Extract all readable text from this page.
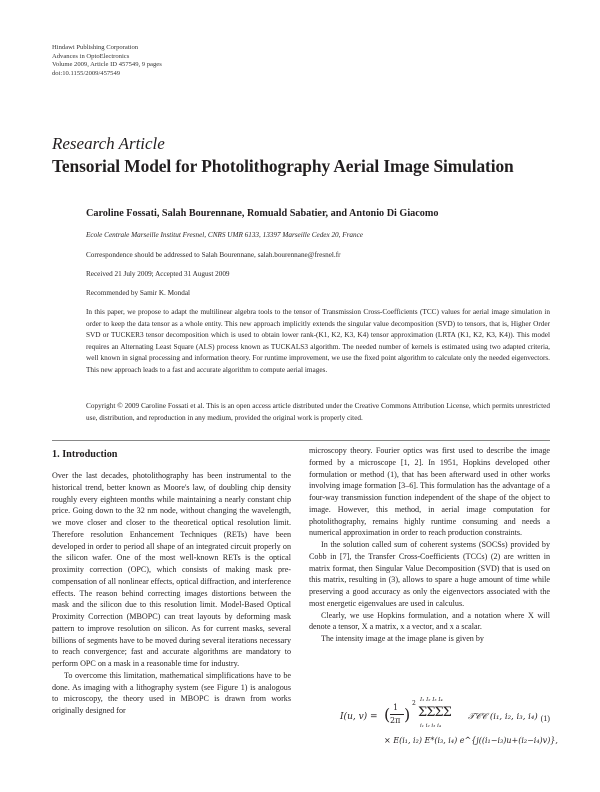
Hindawi Publishing Corporation
Advances in OptoElectronics
Volume 2009, Article ID 457549, 9 pages
doi:10.1155/2009/457549
Research Article
Tensorial Model for Photolithography Aerial Image Simulation
Caroline Fossati, Salah Bourennane, Romuald Sabatier, and Antonio Di Giacomo
Ecole Centrale Marseille Institut Fresnel, CNRS UMR 6133, 13397 Marseille Cedex 20, France
Correspondence should be addressed to Salah Bourennane, salah.bourennane@fresnel.fr
Received 21 July 2009; Accepted 31 August 2009
Recommended by Samir K. Mondal
In this paper, we propose to adapt the multilinear algebra tools to the tensor of Transmission Cross-Coefficients (TCC) values for aerial image simulation in order to keep the data tensor as a whole entity. This new approach implicitly extends the singular value decomposition (SVD) to tensors, that is, Higher Order SVD or TUCKER3 tensor decomposition which is used to obtain lower rank-(K1, K2, K3, K4) tensor approximation (LRTA (K1, K2, K3, K4)). This model requires an Alternating Least Square (ALS) process known as TUCKALS3 algorithm. The needed number of kernels is estimated using two adapted criteria, well known in signal processing and information theory. For runtime improvement, we use the fixed point algorithm to calculate only the needed eigenvectors. This new approach leads to a fast and accurate algorithm to compute aerial images.
Copyright © 2009 Caroline Fossati et al. This is an open access article distributed under the Creative Commons Attribution License, which permits unrestricted use, distribution, and reproduction in any medium, provided the original work is properly cited.
1. Introduction

Over the last decades, photolithography has been instrumental to the historical trend, better known as Moore's law, of doubling chip density roughly every eighteen months while maintaining a nearly constant chip price. Going down to the 32 nm node, without changing the wavelength, we move closer and closer to the theoretical optical resolution limit. Therefore resolution Enhancement Techniques (RETs) have been developed in order to period all shape of an integrated circuit properly on the silicon wafer. One of the most well-known RETs is the optical proximity correction (OPC), which consists of making mask pre-compensation of all nonlinear effects, optical diffraction, and interference effects. The reason behind correcting images distortions between the mask and the silicon due to this resolution limit. Model-Based Optical Proximity Correction (MBOPC) can treat layouts by deforming mask pattern to improve resolution on silicon. As for current masks, several billions of segments have to be moved during several iterations necessary to reach convergence; fast and accurate algorithms are mandatory to perform OPC on a mask in a reasonable time for industry.

To overcome this limitation, mathematical simplifications have to be done. As imaging with a lithography system (see Figure 1) is analogous to microscopy, the theory used in MBOPC is drawn from works originally designed for

microscopy theory. Fourier optics was first used to describe the image formed by a microscope [1, 2]. In 1951, Hopkins developed other formulation or method (1), that has been afterward used in other works involving image formation [3–6]. This formulation has the advantage of a four-way transmission function independent of the shape of the object to image. However, this method, in aerial image computation for photolithography, remains highly runtime consuming and needs a numerical approximation in order to reach production constraints.

In the solution called sum of coherent systems (SOCSs) provided by Cobb in [7], the Transfer Cross-Coefficients (TCCs) (2) are written in matrix format, then Singular Value Decomposition (SVD) that is used on this matrix, resulting in (3), allows to spare a huge amount of time while preserving a good accuracy as only the eigenvectors associated with the most energetic eigenvalues are used in calculus.

Clearly, we use Hopkins formulation, and a notation where X will denote a tensor, X a matrix, x a vector, and x a scalar.

The intensity image at the image plane is given by

I(u, v) = ( 1
2π )
2 I₁ I₂ I₃ I₄
ΣΣΣΣ
i₁ i₂ i₃ i₄
𝒯𝒞𝒞 (i₁, i₂, i₃, i₄)
× E(i₁, i₂) E*(i₃, i₄) e^{j((i₁−i₃)u+(i₂−i₄)v)},
(1)
